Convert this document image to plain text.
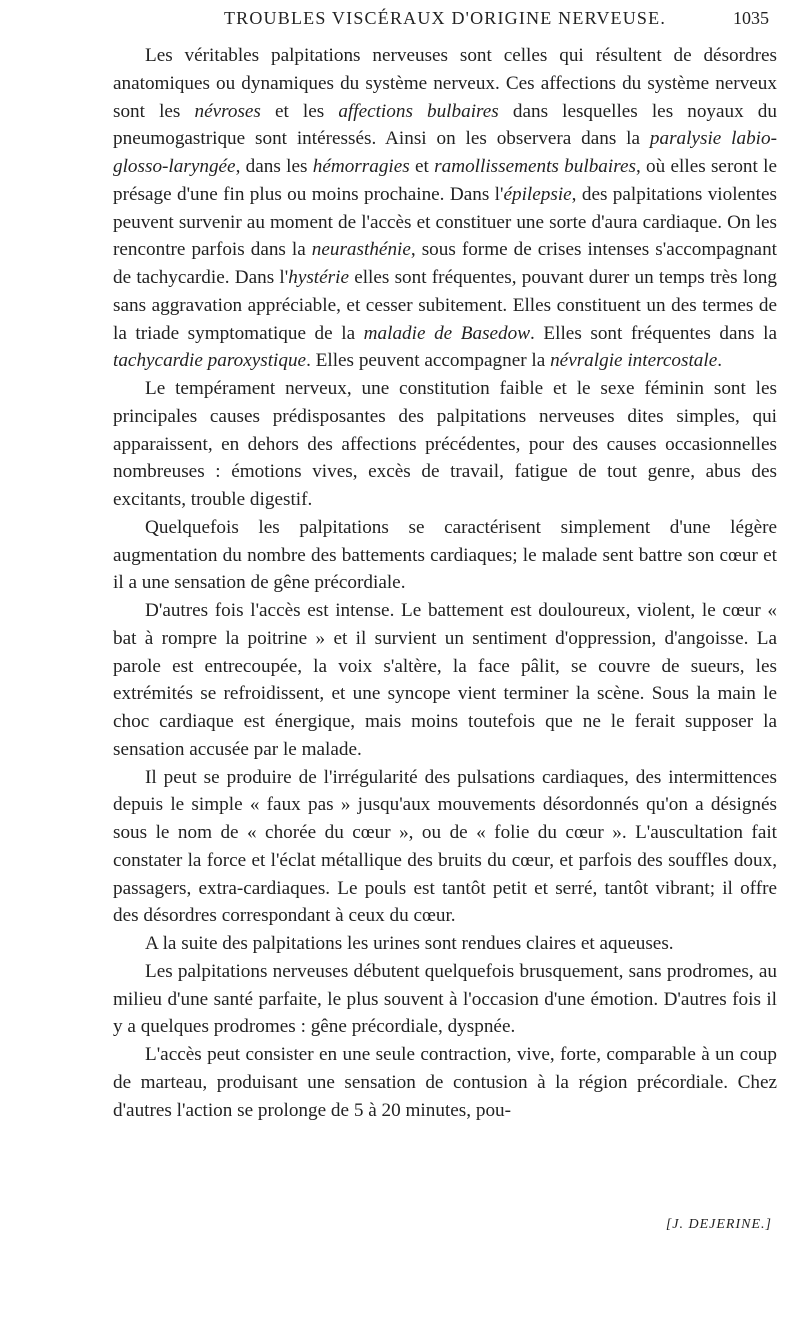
TROUBLES VISCÉRAUX D'ORIGINE NERVEUSE.	1035

Les véritables palpitations nerveuses sont celles qui résultent de désordres anatomiques ou dynamiques du système nerveux. Ces affections du système nerveux sont les névroses et les affections bulbaires dans lesquelles les noyaux du pneumogastrique sont intéressés. Ainsi on les observera dans la paralysie labio-glosso-laryngée, dans les hémorragies et ramollissements bulbaires, où elles seront le présage d'une fin plus ou moins prochaine. Dans l'épilepsie, des palpitations violentes peuvent survenir au moment de l'accès et constituer une sorte d'aura cardiaque. On les rencontre parfois dans la neurasthénie, sous forme de crises intenses s'accompagnant de tachycardie. Dans l'hystérie elles sont fréquentes, pouvant durer un temps très long sans aggravation appréciable, et cesser subitement. Elles constituent un des termes de la triade symptomatique de la maladie de Basedow. Elles sont fréquentes dans la tachycardie paroxystique. Elles peuvent accompagner la névralgie intercostale.

Le tempérament nerveux, une constitution faible et le sexe féminin sont les principales causes prédisposantes des palpitations nerveuses dites simples, qui apparaissent, en dehors des affections précédentes, pour des causes occasionnelles nombreuses : émotions vives, excès de travail, fatigue de tout genre, abus des excitants, trouble digestif.

Quelquefois les palpitations se caractérisent simplement d'une légère augmentation du nombre des battements cardiaques; le malade sent battre son cœur et il a une sensation de gêne précordiale.

D'autres fois l'accès est intense. Le battement est douloureux, violent, le cœur « bat à rompre la poitrine » et il survient un sentiment d'oppression, d'angoisse. La parole est entrecoupée, la voix s'altère, la face pâlit, se couvre de sueurs, les extrémités se refroidissent, et une syncope vient terminer la scène. Sous la main le choc cardiaque est énergique, mais moins toutefois que ne le ferait supposer la sensation accusée par le malade.

Il peut se produire de l'irrégularité des pulsations cardiaques, des intermittences depuis le simple « faux pas » jusqu'aux mouvements désordonnés qu'on a désignés sous le nom de « chorée du cœur », ou de « folie du cœur ». L'auscultation fait constater la force et l'éclat métallique des bruits du cœur, et parfois des souffles doux, passagers, extra-cardiaques. Le pouls est tantôt petit et serré, tantôt vibrant; il offre des désordres correspondant à ceux du cœur.

A la suite des palpitations les urines sont rendues claires et aqueuses.

Les palpitations nerveuses débutent quelquefois brusquement, sans prodromes, au milieu d'une santé parfaite, le plus souvent à l'occasion d'une émotion. D'autres fois il y a quelques prodromes : gêne précordiale, dyspnée.

L'accès peut consister en une seule contraction, vive, forte, comparable à un coup de marteau, produisant une sensation de contusion à la région précordiale. Chez d'autres l'action se prolonge de 5 à 20 minutes, pou-

[J. DEJERINE.]
